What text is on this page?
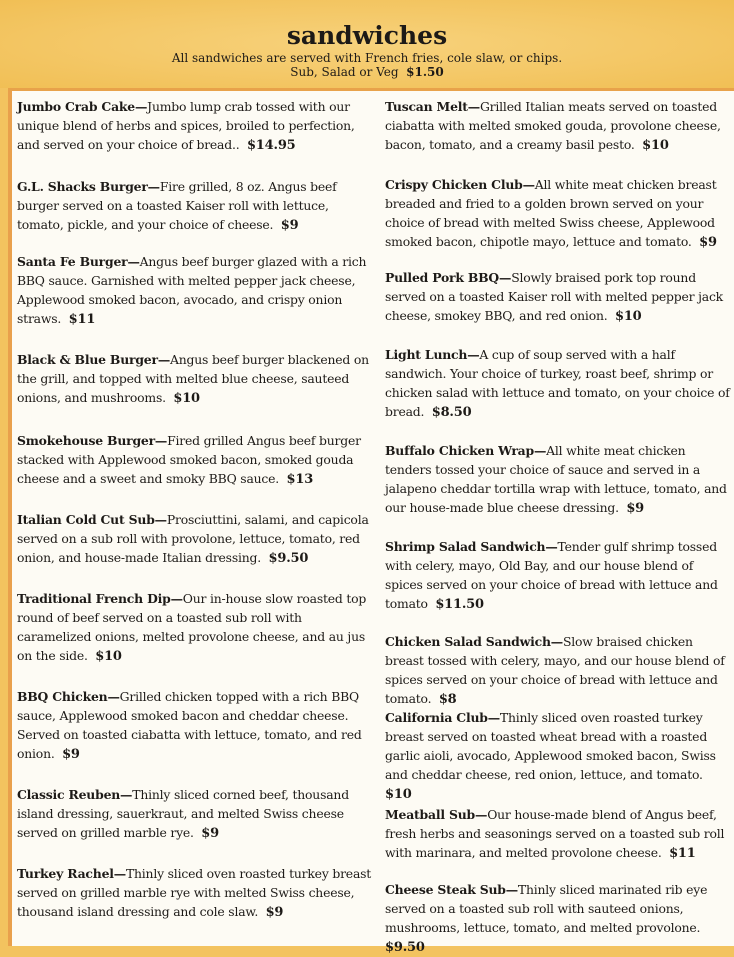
sandwiches
All sandwiches are served with French fries, cole slaw, or chips.
Sub, Salad or Veg $1.50
Jumbo Crab Cake—Jumbo lump crab tossed with our unique blend of herbs and spices, broiled to perfection, and served on your choice of bread.. $14.95
G.L. Shacks Burger—Fire grilled, 8 oz. Angus beef burger served on a toasted Kaiser roll with lettuce, tomato, pickle, and your choice of cheese. $9
Santa Fe Burger—Angus beef burger glazed with a rich BBQ sauce. Garnished with melted pepper jack cheese, Applewood smoked bacon, avocado, and crispy onion straws. $11
Black & Blue Burger—Angus beef burger blackened on the grill, and topped with melted blue cheese, sauteed onions, and mushrooms. $10
Smokehouse Burger—Fired grilled Angus beef burger stacked with Applewood smoked bacon, smoked gouda cheese and a sweet and smoky BBQ sauce. $13
Italian Cold Cut Sub—Prosciuttini, salami, and capicola served on a sub roll with provolone, lettuce, tomato, red onion, and house-made Italian dressing. $9.50
Traditional French Dip—Our in-house slow roasted top round of beef served on a toasted sub roll with caramelized onions, melted provolone cheese, and au jus on the side. $10
BBQ Chicken—Grilled chicken topped with a rich BBQ sauce, Applewood smoked bacon and cheddar cheese. Served on toasted ciabatta with lettuce, tomato, and red onion. $9
Classic Reuben—Thinly sliced corned beef, thousand island dressing, sauerkraut, and melted Swiss cheese served on grilled marble rye. $9
Turkey Rachel—Thinly sliced oven roasted turkey breast served on grilled marble rye with melted Swiss cheese, thousand island dressing and cole slaw. $9
Tuscan Melt—Grilled Italian meats served on toasted ciabatta with melted smoked gouda, provolone cheese, bacon, tomato, and a creamy basil pesto. $10
Crispy Chicken Club—All white meat chicken breast breaded and fried to a golden brown served on your choice of bread with melted Swiss cheese, Applewood smoked bacon, chipotle mayo, lettuce and tomato. $9
Pulled Pork BBQ—Slowly braised pork top round served on a toasted Kaiser roll with melted pepper jack cheese, smokey BBQ, and red onion. $10
Light Lunch—A cup of soup served with a half sandwich. Your choice of turkey, roast beef, shrimp or chicken salad with lettuce and tomato, on your choice of bread. $8.50
Buffalo Chicken Wrap—All white meat chicken tenders tossed your choice of sauce and served in a jalapeno cheddar tortilla wrap with lettuce, tomato, and our house-made blue cheese dressing. $9
Shrimp Salad Sandwich—Tender gulf shrimp tossed with celery, mayo, Old Bay, and our house blend of spices served on your choice of bread with lettuce and tomato $11.50
Chicken Salad Sandwich—Slow braised chicken breast tossed with celery, mayo, and our house blend of spices served on your choice of bread with lettuce and tomato. $8
California Club—Thinly sliced oven roasted turkey breast served on toasted wheat bread with a roasted garlic aioli, avocado, Applewood smoked bacon, Swiss and cheddar cheese, red onion, lettuce, and tomato.  $10
Meatball Sub—Our house-made blend of Angus beef, fresh herbs and seasonings served on a toasted sub roll with marinara, and melted provolone cheese. $11
Cheese Steak Sub—Thinly sliced marinated rib eye served on a toasted sub roll with sauteed onions, mushrooms, lettuce, tomato, and melted provolone.  $9.50
